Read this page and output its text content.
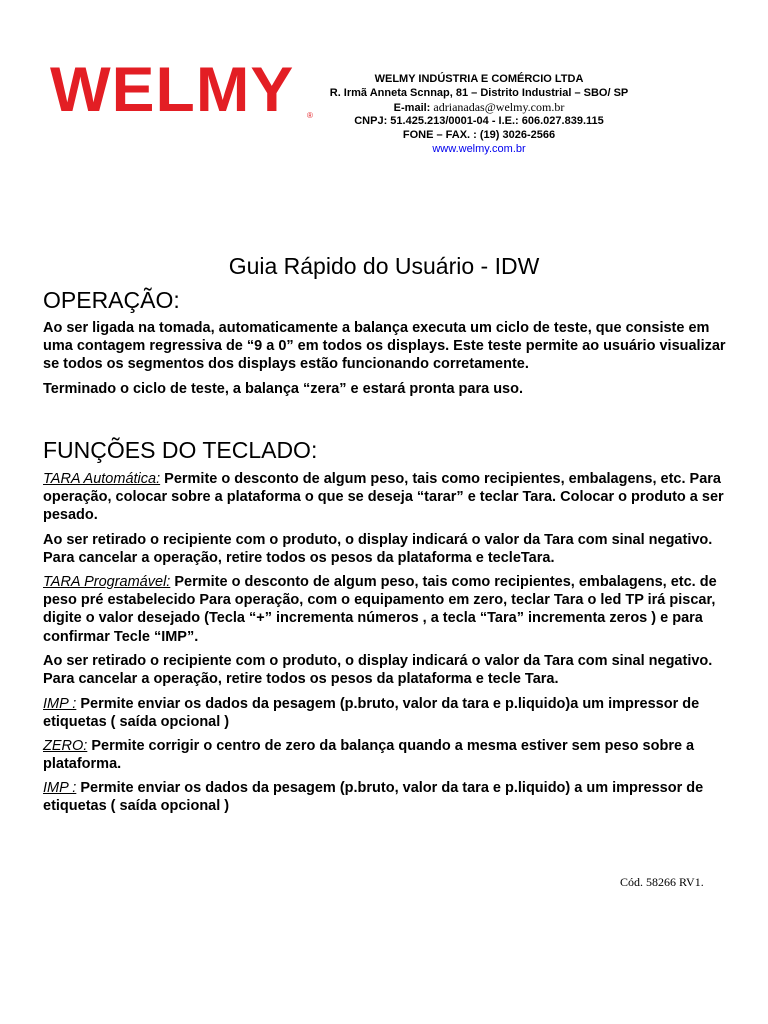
WELMY ®
WELMY INDÚSTRIA E COMÉRCIO LTDA
R. Irmã Anneta Scnnap, 81 – Distrito Industrial – SBO/ SP
E-mail: adrianadas@welmy.com.br
CNPJ: 51.425.213/0001-04 - I.E.: 606.027.839.115
FONE – FAX. : (19) 3026-2566
www.welmy.com.br
Guia Rápido do Usuário - IDW
OPERAÇÃO:
Ao ser ligada na tomada, automaticamente a balança executa um ciclo de teste, que consiste em uma contagem regressiva de “9 a 0” em todos os displays. Este teste permite ao usuário visualizar se todos os segmentos dos displays estão funcionando corretamente.
Terminado o ciclo de teste, a balança “zera” e estará pronta para uso.
FUNÇÕES DO TECLADO:
TARA Automática: Permite o desconto de algum peso, tais como recipientes, embalagens, etc. Para operação, colocar sobre a plataforma o que se deseja “tarar” e teclar Tara. Colocar o produto a ser pesado.
Ao ser retirado o recipiente com o produto, o display indicará o valor da Tara com sinal negativo. Para cancelar a operação, retire todos os pesos da plataforma e tecleTara.
TARA Programável: Permite o desconto de algum peso, tais como recipientes, embalagens, etc. de peso pré estabelecido Para operação, com o equipamento em zero, teclar Tara o led TP irá piscar, digite o valor desejado (Tecla “+” incrementa números , a tecla “Tara” incrementa zeros ) e para confirmar Tecle “IMP”.
Ao ser retirado o recipiente com o produto, o display indicará o valor da Tara com sinal negativo. Para cancelar a operação, retire todos os pesos da plataforma e tecle Tara.
IMP : Permite enviar os dados da pesagem (p.bruto, valor da tara e p.liquido)a um impressor de etiquetas ( saída opcional )
ZERO: Permite corrigir o centro de zero da balança quando a mesma estiver sem peso sobre a plataforma.
IMP : Permite enviar os dados da pesagem (p.bruto, valor da tara e p.liquido) a um impressor de etiquetas ( saída opcional )
Cód. 58266 RV1.
